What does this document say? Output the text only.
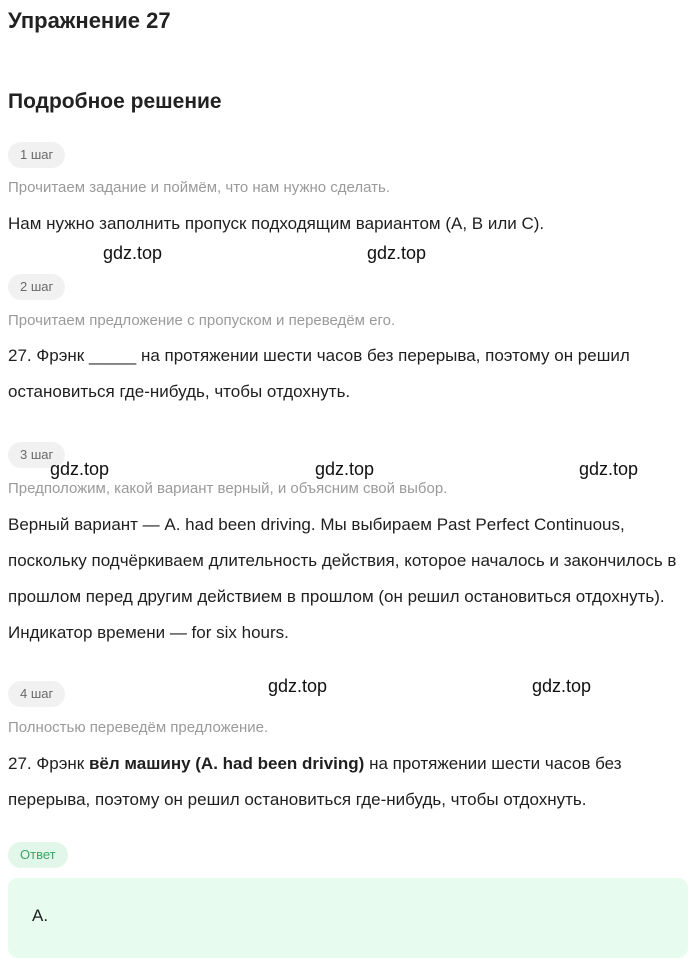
Упражнение 27
Подробное решение
1 шаг
Прочитаем задание и поймём, что нам нужно сделать.
Нам нужно заполнить пропуск подходящим вариантом (A, B или C).
gdz.top	gdz.top
2 шаг
Прочитаем предложение с пропуском и переведём его.
27. Фрэнк _____ на протяжении шести часов без перерыва, поэтому он решил остановиться где-нибудь, чтобы отдохнуть.
3 шаг
gdz.top	gdz.top	gdz.top
Предположим, какой вариант верный, и объясним свой выбор.
Верный вариант — A. had been driving. Мы выбираем Past Perfect Continuous, поскольку подчёркиваем длительность действия, которое началось и закончилось в прошлом перед другим действием в прошлом (он решил остановиться отдохнуть). Индикатор времени — for six hours.
gdz.top	gdz.top
4 шаг
Полностью переведём предложение.
27. Фрэнк вёл машину (A. had been driving) на протяжении шести часов без перерыва, поэтому он решил остановиться где-нибудь, чтобы отдохнуть.
Ответ
A.
